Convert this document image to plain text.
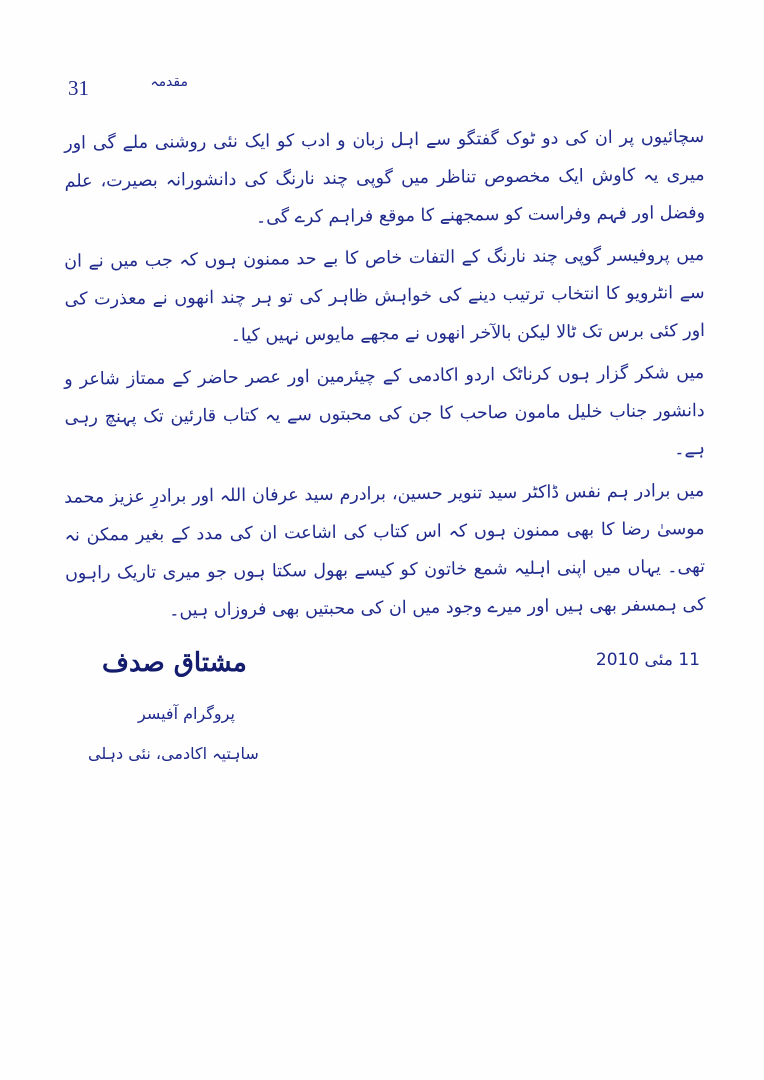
31	مقدمہ

سچائیوں پر ان کی دو ٹوک گفتگو سے اہل زبان و ادب کو ایک نئی روشنی ملے گی اور میری یہ کاوش ایک مخصوص تناظر میں گوپی چند نارنگ کی دانشورانہ بصیرت، علم وفضل اور فہم وفراست کو سمجھنے کا موقع فراہم کرے گی۔

میں پروفیسر گوپی چند نارنگ کے التفات خاص کا بے حد ممنون ہوں کہ جب میں نے ان سے انٹرویو کا انتخاب ترتیب دینے کی خواہش ظاہر کی تو ہر چند انھوں نے معذرت کی اور کئی برس تک ٹالا لیکن بالآخر انھوں نے مجھے مایوس نہیں کیا۔

میں شکر گزار ہوں کرناٹک اردو اکادمی کے چیئرمین اور عصر حاضر کے ممتاز شاعر و دانشور جناب خلیل مامون صاحب کا جن کی محبتوں سے یہ کتاب قارئین تک پہنچ رہی ہے۔

میں برادر ہم نفس ڈاکٹر سید تنویر حسین، برادرم سید عرفان اللہ اور برادرِ عزیز محمد موسیٰ رضا کا بھی ممنون ہوں کہ اس کتاب کی اشاعت ان کی مدد کے بغیر ممکن نہ تھی۔ یہاں میں اپنی اہلیہ شمع خاتون کو کیسے بھول سکتا ہوں جو میری تاریک راہوں کی ہمسفر بھی ہیں اور میرے وجود میں ان کی محبتیں بھی فروزاں ہیں۔

11 مئی 2010
مشتاق صدف
پروگرام آفیسر
ساہتیہ اکادمی، نئی دہلی
